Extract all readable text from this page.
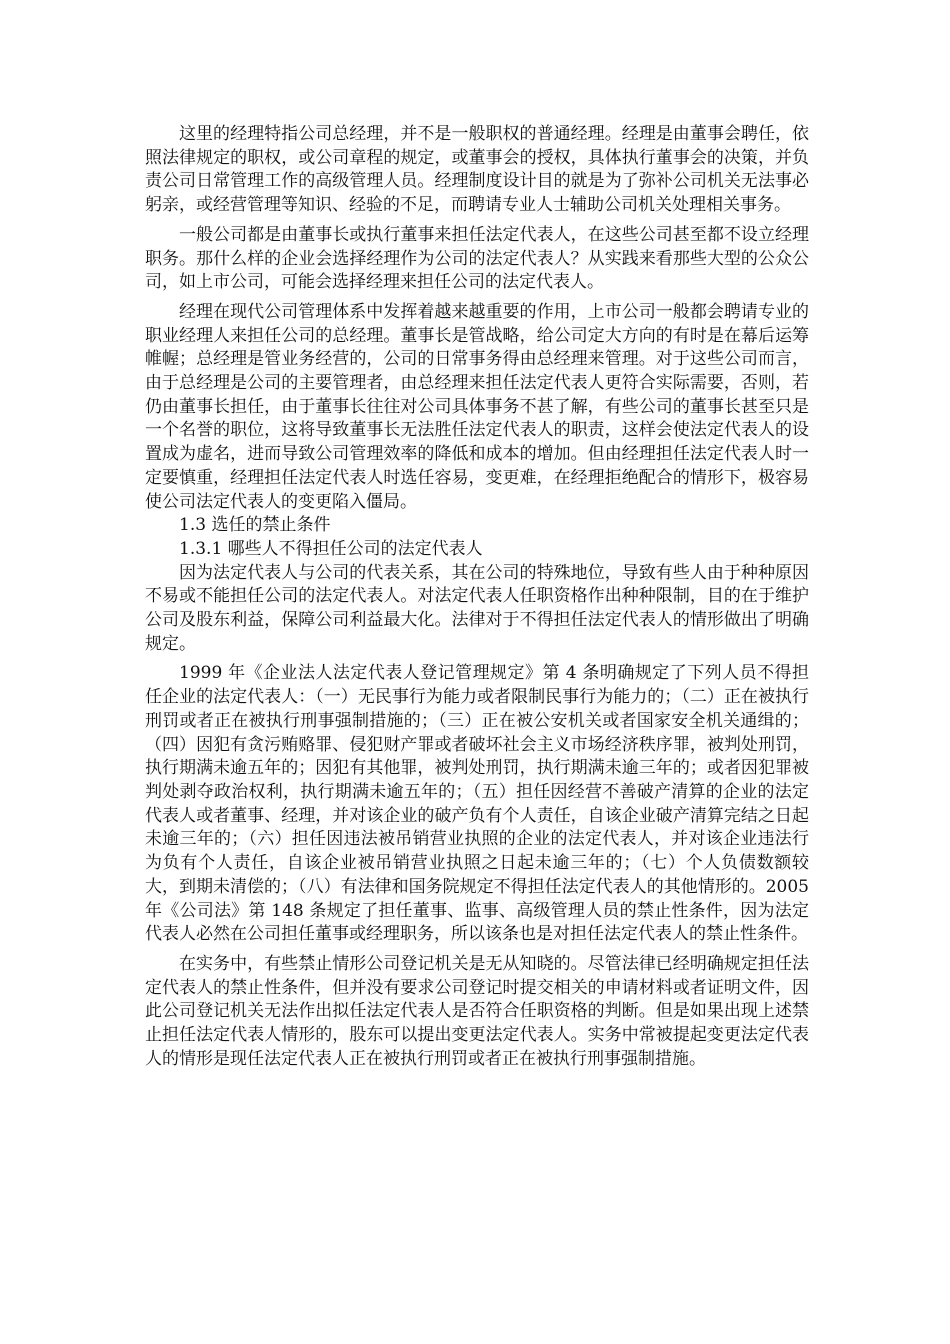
这里的经理特指公司总经理，并不是一般职权的普通经理。经理是由董事会聘任，依照法律规定的职权，或公司章程的规定，或董事会的授权，具体执行董事会的决策，并负责公司日常管理工作的高级管理人员。经理制度设计目的就是为了弥补公司机关无法事必躬亲，或经营管理等知识、经验的不足，而聘请专业人士辅助公司机关处理相关事务。

一般公司都是由董事长或执行董事来担任法定代表人，在这些公司甚至都不设立经理职务。那什么样的企业会选择经理作为公司的法定代表人？从实践来看那些大型的公众公司，如上市公司，可能会选择经理来担任公司的法定代表人。

经理在现代公司管理体系中发挥着越来越重要的作用，上市公司一般都会聘请专业的职业经理人来担任公司的总经理。董事长是管战略，给公司定大方向的有时是在幕后运筹帷幄；总经理是管业务经营的，公司的日常事务得由总经理来管理。对于这些公司而言，由于总经理是公司的主要管理者，由总经理来担任法定代表人更符合实际需要，否则，若仍由董事长担任，由于董事长往往对公司具体事务不甚了解，有些公司的董事长甚至只是一个名誉的职位，这将导致董事长无法胜任法定代表人的职责，这样会使法定代表人的设置成为虚名，进而导致公司管理效率的降低和成本的增加。但由经理担任法定代表人时一定要慎重，经理担任法定代表人时选任容易，变更难，在经理拒绝配合的情形下，极容易使公司法定代表人的变更陷入僵局。

1.3 选任的禁止条件

1.3.1 哪些人不得担任公司的法定代表人

因为法定代表人与公司的代表关系，其在公司的特殊地位，导致有些人由于种种原因不易或不能担任公司的法定代表人。对法定代表人任职资格作出种种限制，目的在于维护公司及股东利益，保障公司利益最大化。法律对于不得担任法定代表人的情形做出了明确规定。

1999 年《企业法人法定代表人登记管理规定》第 4 条明确规定了下列人员不得担任企业的法定代表人：（一）无民事行为能力或者限制民事行为能力的；（二）正在被执行刑罚或者正在被执行刑事强制措施的；（三）正在被公安机关或者国家安全机关通缉的；（四）因犯有贪污贿赂罪、侵犯财产罪或者破坏社会主义市场经济秩序罪，被判处刑罚，执行期满未逾五年的；因犯有其他罪，被判处刑罚，执行期满未逾三年的；或者因犯罪被判处剥夺政治权利，执行期满未逾五年的；（五）担任因经营不善破产清算的企业的法定代表人或者董事、经理，并对该企业的破产负有个人责任，自该企业破产清算完结之日起未逾三年的；（六）担任因违法被吊销营业执照的企业的法定代表人，并对该企业违法行为负有个人责任，自该企业被吊销营业执照之日起未逾三年的；（七）个人负债数额较大，到期未清偿的；（八）有法律和国务院规定不得担任法定代表人的其他情形的。2005 年《公司法》第 148 条规定了担任董事、监事、高级管理人员的禁止性条件，因为法定代表人必然在公司担任董事或经理职务，所以该条也是对担任法定代表人的禁止性条件。

在实务中，有些禁止情形公司登记机关是无从知晓的。尽管法律已经明确规定担任法定代表人的禁止性条件，但并没有要求公司登记时提交相关的申请材料或者证明文件，因此公司登记机关无法作出拟任法定代表人是否符合任职资格的判断。但是如果出现上述禁止担任法定代表人情形的，股东可以提出变更法定代表人。实务中常被提起变更法定代表人的情形是现任法定代表人正在被执行刑罚或者正在被执行刑事强制措施。
